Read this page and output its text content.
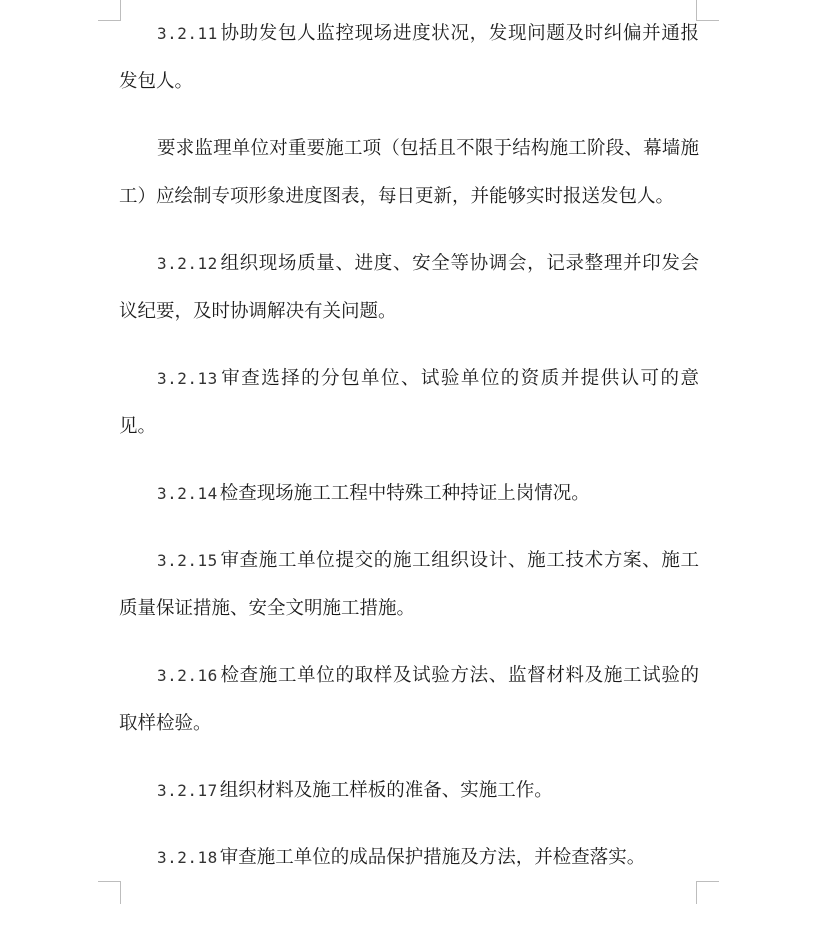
3.2.11 协助发包人监控现场进度状况，发现问题及时纠偏并通报发包人。

要求监理单位对重要施工项（包括且不限于结构施工阶段、幕墙施工）应绘制专项形象进度图表，每日更新，并能够实时报送发包人。

3.2.12 组织现场质量、进度、安全等协调会，记录整理并印发会议纪要，及时协调解决有关问题。

3.2.13 审查选择的分包单位、试验单位的资质并提供认可的意见。

3.2.14 检查现场施工工程中特殊工种持证上岗情况。

3.2.15 审查施工单位提交的施工组织设计、施工技术方案、施工质量保证措施、安全文明施工措施。

3.2.16 检查施工单位的取样及试验方法、监督材料及施工试验的取样检验。

3.2.17 组织材料及施工样板的准备、实施工作。

3.2.18 审查施工单位的成品保护措施及方法，并检查落实。
